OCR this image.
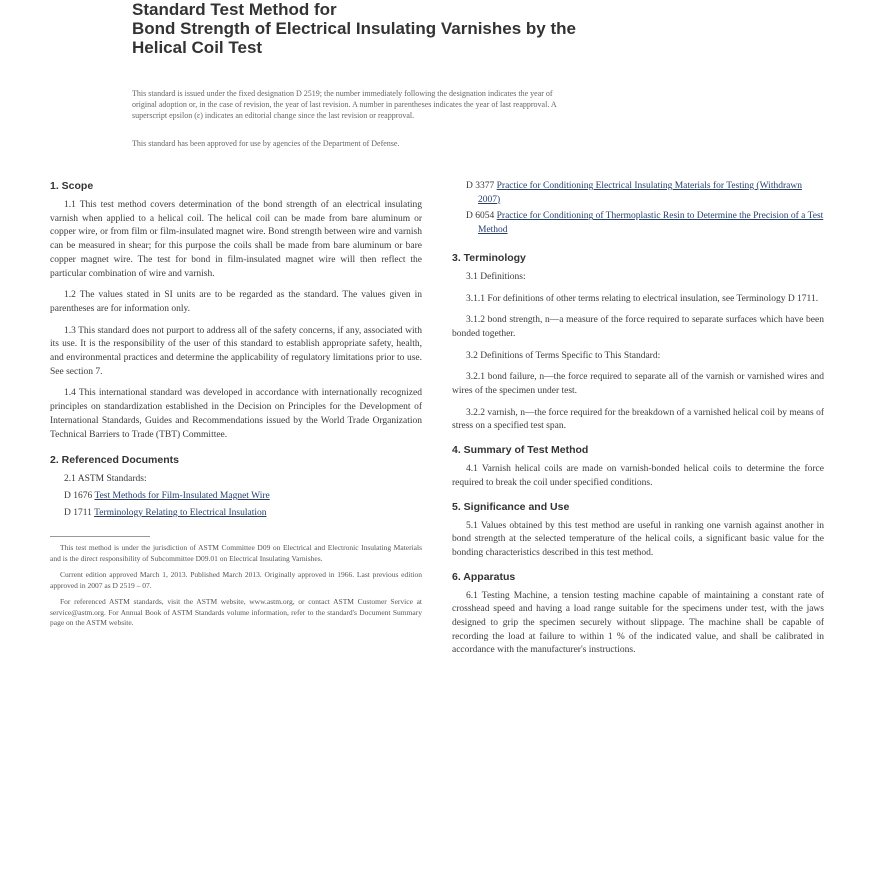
Standard Test Method for
Bond Strength of Electrical Insulating Varnishes by the
Helical Coil Test
This standard is issued under the fixed designation D 2519; the number immediately following the designation indicates the year of
original adoption or, in the case of revision, the year of last revision. A number in parentheses indicates the year of last reapproval. A
superscript epsilon (ε) indicates an editorial change since the last revision or reapproval.
This standard has been approved for use by agencies of the Department of Defense.
1. Scope
1.1 This test method covers determination of the bond strength of an electrical insulating varnish when applied to a helical coil. The helical coil can be made from bare aluminum or copper wire, or from film or film-insulated magnet wire. Bond strength between wire and varnish can be measured in shear; for this purpose the coils shall be made from bare aluminum or bare copper magnet wire. The test for bond in film-insulated magnet wire will then reflect the particular combination of wire and varnish.
1.2 The values stated in SI units are to be regarded as the standard. The values given in parentheses are for information only.
1.3 This standard does not purport to address all of the safety concerns, if any, associated with its use. It is the responsibility of the user of this standard to establish appropriate safety, health, and environmental practices and determine the applicability of regulatory limitations prior to use. See section 7.
1.4 This international standard was developed in accordance with internationally recognized principles on standardization established in the Decision on Principles for the Development of International Standards, Guides and Recommendations issued by the World Trade Organization Technical Barriers to Trade (TBT) Committee.
2. Referenced Documents
2.1 ASTM Standards:
D 1676 Test Methods for Film-Insulated Magnet Wire
D 1711 Terminology Relating to Electrical Insulation
This test method is under the jurisdiction of ASTM Committee D09 on Electrical and Electronic Insulating Materials and is the direct responsibility of Subcommittee D09.01 on Electrical Insulating Varnishes.
Current edition approved March 1, 2013. Published March 2013. Originally approved in 1966. Last previous edition approved in 2007 as D 2519 – 07.
For referenced ASTM standards, visit the ASTM website, www.astm.org, or contact ASTM Customer Service at service@astm.org. For Annual Book of ASTM Standards volume information, refer to the standard's Document Summary page on the ASTM website.
D 3377 Practice for Conditioning Electrical Insulating Materials for Testing (Withdrawn 2007)
D 6054 Practice for Conditioning of Thermoplastic Resin to Determine the Precision of a Test Method
3. Terminology
3.1 Definitions:
3.1.1 For definitions of other terms relating to electrical insulation, see Terminology D 1711.
3.1.2 bond strength, n—a measure of the force required to separate surfaces which have been bonded together.
3.2 Definitions of Terms Specific to This Standard:
3.2.1 bond failure, n—the force required to separate all of the varnish or varnished wires and wires of the specimen under test.
3.2.2 varnish, n—the force required for the breakdown of a varnished helical coil by means of stress on a specified test span.
4. Summary of Test Method
4.1 Varnish helical coils are made on varnish-bonded helical coils to determine the force required to break the coil under specified conditions.
5. Significance and Use
5.1 Values obtained by this test method are useful in ranking one varnish against another in bond strength at the selected temperature of the helical coils, a significant basic value for the bonding characteristics described in this test method.
6. Apparatus
6.1 Testing Machine, a tension testing machine capable of maintaining a constant rate of crosshead speed and having a load range suitable for the specimens under test, with the jaws designed to grip the specimen securely without slippage. The machine shall be capable of recording the load at failure to within 1 % of the indicated value, and shall be calibrated in accordance with the manufacturer's instructions.
